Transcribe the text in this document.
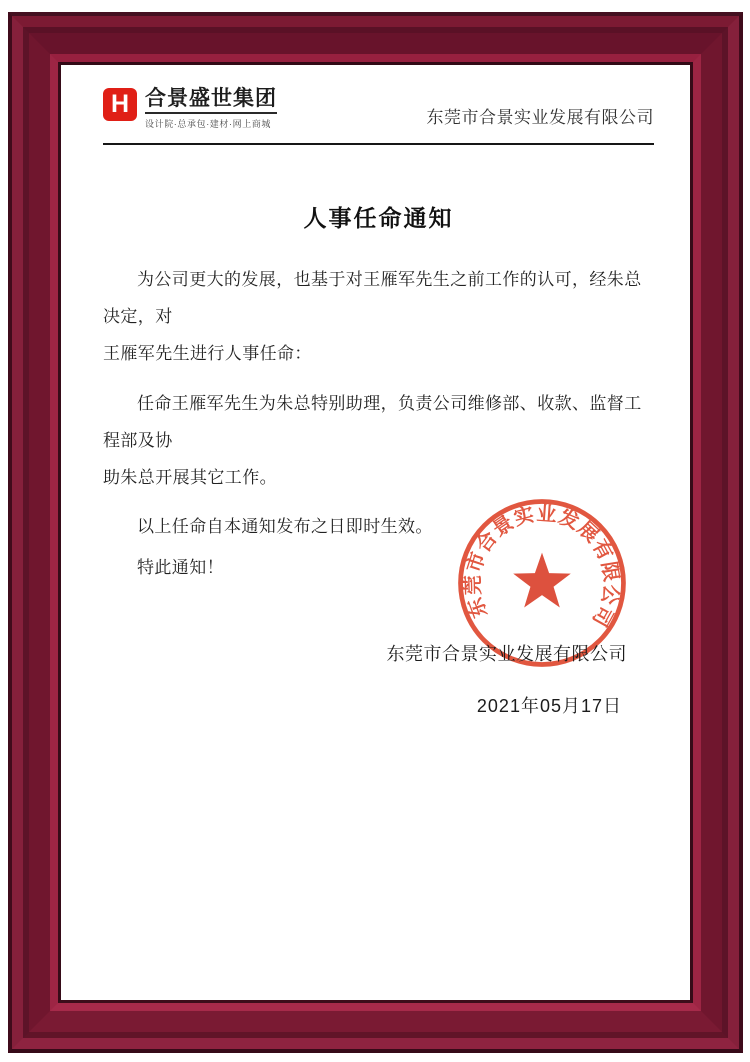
H 合景盛世集团
设计院·总承包·建材·网上商城	东莞市合景实业发展有限公司
人事任命通知
为公司更大的发展，也基于对王雁军先生之前工作的认可，经朱总决定，对
王雁军先生进行人事任命：
任命王雁军先生为朱总特别助理，负责公司维修部、收款、监督工程部及协
助朱总开展其它工作。
以上任命自本通知发布之日即时生效。
特此通知！
东莞市合景实业发展有限公司
2021年05月17日
东莞市合景实业发展有限公司
